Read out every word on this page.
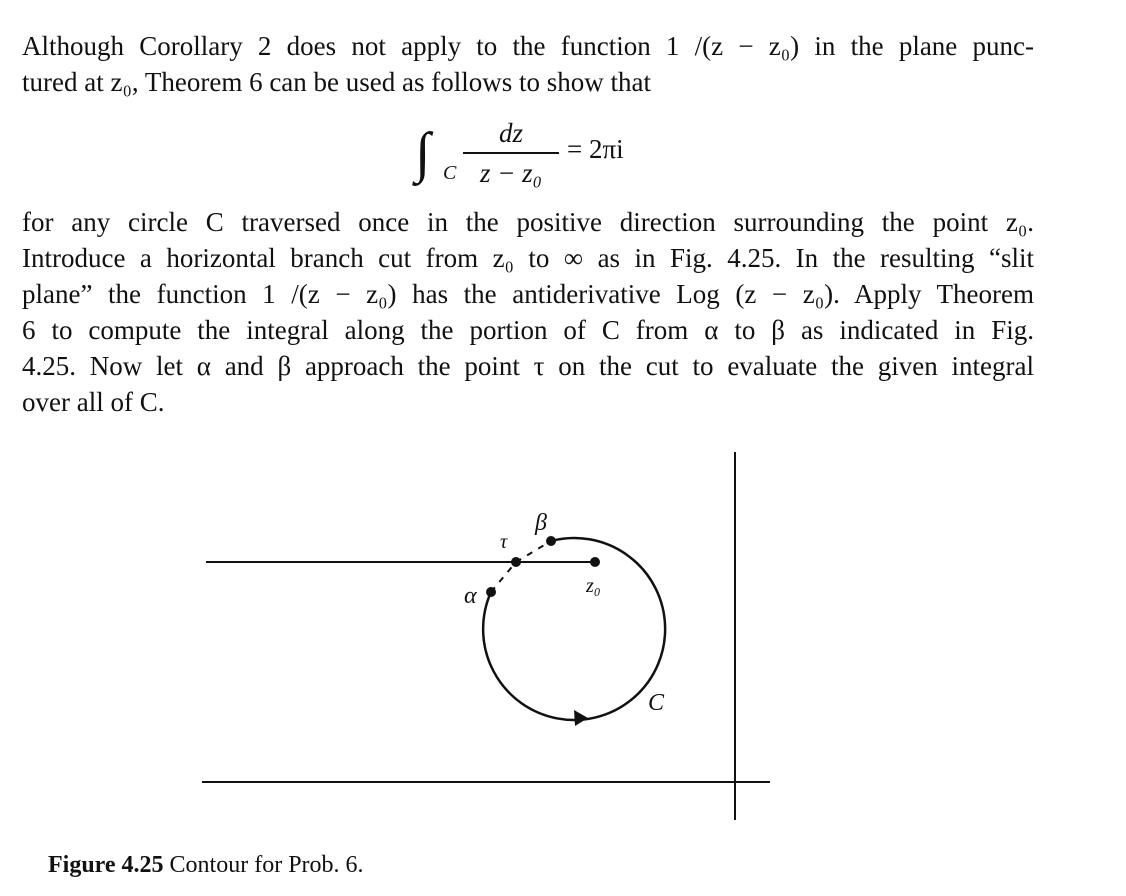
Although Corollary 2 does not apply to the function 1 /(z − z₀) in the plane punc-
tured at z₀, Theorem 6 can be used as follows to show that
∫ C
dz
z − z₀
= 2πi
for any circle C traversed once in the positive direction surrounding the point z₀.
Introduce a horizontal branch cut from z₀ to ∞ as in Fig. 4.25. In the resulting “slit
plane” the function 1 /(z − z₀) has the antiderivative Log (z − z₀). Apply Theorem
6 to compute the integral along the portion of C from α to β as indicated in Fig.
4.25. Now let α and β approach the point τ on the cut to evaluate the given integral
over all of C.
β
τ
z₀
α
C
Figure 4.25 Contour for Prob. 6.
